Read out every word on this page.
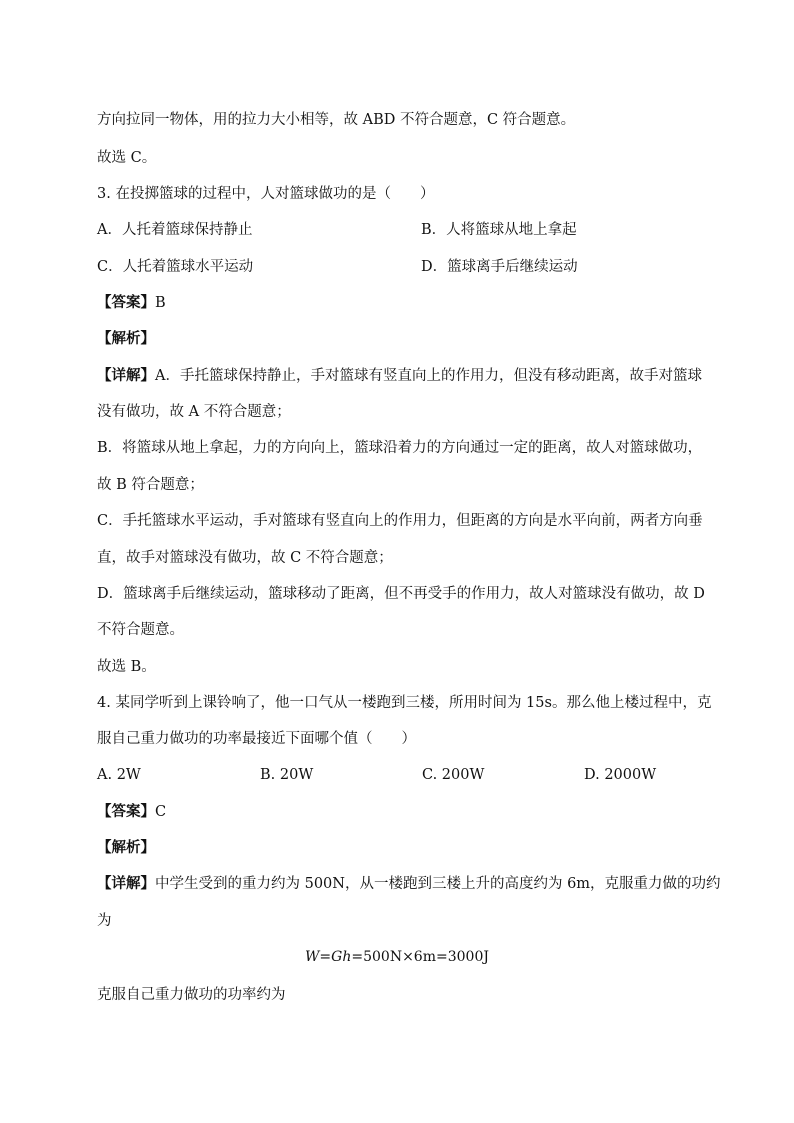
方向拉同一物体，用的拉力大小相等，故 ABD 不符合题意，C 符合题意。
故选 C。
3. 在投掷篮球的过程中，人对篮球做功的是（　　）
A．人托着篮球保持静止	B．人将篮球从地上拿起
C．人托着篮球水平运动	D．篮球离手后继续运动
【答案】B
【解析】
【详解】A．手托篮球保持静止，手对篮球有竖直向上的作用力，但没有移动距离，故手对篮球
没有做功，故 A 不符合题意；
B．将篮球从地上拿起，力的方向向上，篮球沿着力的方向通过一定的距离，故人对篮球做功，
故 B 符合题意；
C．手托篮球水平运动，手对篮球有竖直向上的作用力，但距离的方向是水平向前，两者方向垂
直，故手对篮球没有做功，故 C 不符合题意；
D．篮球离手后继续运动，篮球移动了距离，但不再受手的作用力，故人对篮球没有做功，故 D
不符合题意。
故选 B。
4. 某同学听到上课铃响了，他一口气从一楼跑到三楼，所用时间为 15s。那么他上楼过程中，克
服自己重力做功的功率最接近下面哪个值（　　）
A. 2W	B. 20W	C. 200W	D. 2000W
【答案】C
【解析】
【详解】中学生受到的重力约为 500N，从一楼跑到三楼上升的高度约为 6m，克服重力做的功约
为
W=Gh=500N×6m=3000J
克服自己重力做功的功率约为
